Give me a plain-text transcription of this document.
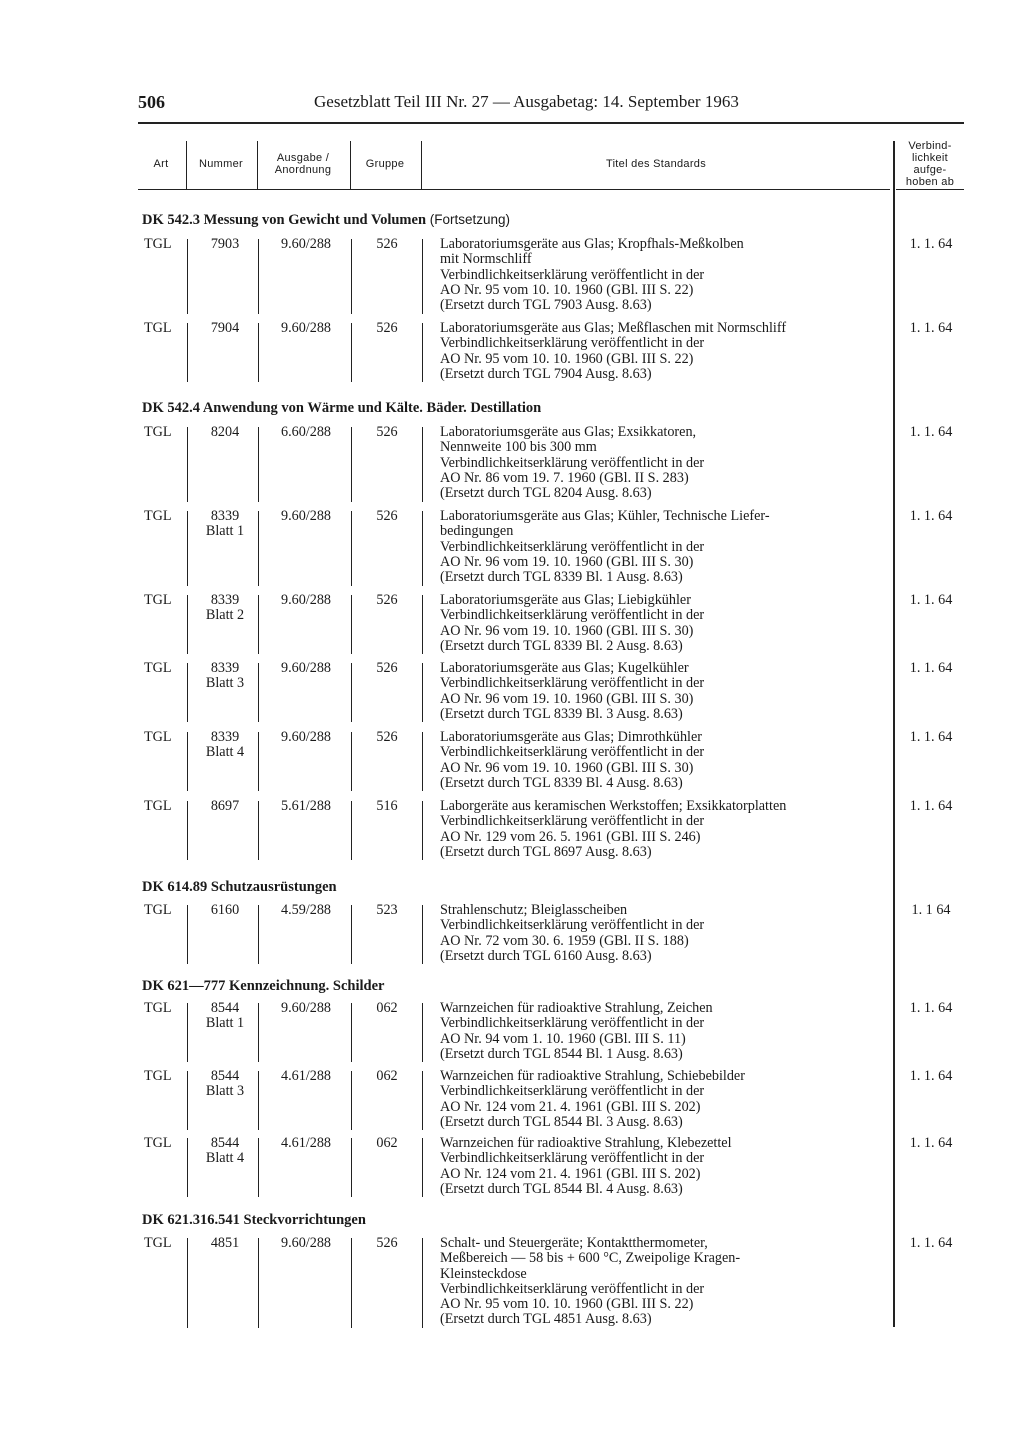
506	Gesetzblatt Teil III Nr. 27 — Ausgabetag: 14. September 1963
Art	Nummer	Ausgabe /
Anordnung	Gruppe	Titel des Standards
Verbind-
lichkeit
aufge-
hoben ab
DK 542.3 Messung von Gewicht und Volumen (Fortsetzung)
TGL	7903	9.60/288	526	Laboratoriumsgeräte aus Glas; Kropfhals-Meßkolben
mit Normschliff
Verbindlichkeitserklärung veröffentlicht in der
AO Nr. 95 vom 10. 10. 1960 (GBl. III S. 22)
(Ersetzt durch TGL 7903 Ausg. 8.63)
1. 1. 64
TGL	7904	9.60/288	526	Laboratoriumsgeräte aus Glas; Meßflaschen mit Normschliff
Verbindlichkeitserklärung veröffentlicht in der
AO Nr. 95 vom 10. 10. 1960 (GBl. III S. 22)
(Ersetzt durch TGL 7904 Ausg. 8.63)
1. 1. 64
DK 542.4 Anwendung von Wärme und Kälte. Bäder. Destillation
TGL	8204	6.60/288	526	Laboratoriumsgeräte aus Glas; Exsikkatoren,
Nennweite 100 bis 300 mm
Verbindlichkeitserklärung veröffentlicht in der
AO Nr. 86 vom 19. 7. 1960 (GBl. II S. 283)
(Ersetzt durch TGL 8204 Ausg. 8.63)
1. 1. 64
TGL	8339
Blatt 1
9.60/288	526	Laboratoriumsgeräte aus Glas; Kühler, Technische Liefer-
bedingungen
Verbindlichkeitserklärung veröffentlicht in der
AO Nr. 96 vom 19. 10. 1960 (GBl. III S. 30)
(Ersetzt durch TGL 8339 Bl. 1 Ausg. 8.63)
1. 1. 64
TGL	8339
Blatt 2
9.60/288	526	Laboratoriumsgeräte aus Glas; Liebigkühler
Verbindlichkeitserklärung veröffentlicht in der
AO Nr. 96 vom 19. 10. 1960 (GBl. III S. 30)
(Ersetzt durch TGL 8339 Bl. 2 Ausg. 8.63)
1. 1. 64
TGL	8339
Blatt 3
9.60/288	526	Laboratoriumsgeräte aus Glas; Kugelkühler
Verbindlichkeitserklärung veröffentlicht in der
AO Nr. 96 vom 19. 10. 1960 (GBl. III S. 30)
(Ersetzt durch TGL 8339 Bl. 3 Ausg. 8.63)
1. 1. 64
TGL	8339
Blatt 4
9.60/288	526	Laboratoriumsgeräte aus Glas; Dimrothkühler
Verbindlichkeitserklärung veröffentlicht in der
AO Nr. 96 vom 19. 10. 1960 (GBl. III S. 30)
(Ersetzt durch TGL 8339 Bl. 4 Ausg. 8.63)
1. 1. 64
TGL	8697	5.61/288	516	Laborgeräte aus keramischen Werkstoffen; Exsikkatorplatten
Verbindlichkeitserklärung veröffentlicht in der
AO Nr. 129 vom 26. 5. 1961 (GBl. III S. 246)
(Ersetzt durch TGL 8697 Ausg. 8.63)
1. 1. 64
DK 614.89 Schutzausrüstungen
TGL	6160	4.59/288	523	Strahlenschutz; Bleiglasscheiben
Verbindlichkeitserklärung veröffentlicht in der
AO Nr. 72 vom 30. 6. 1959 (GBl. II S. 188)
(Ersetzt durch TGL 6160 Ausg. 8.63)
1. 1 64
DK 621—777 Kennzeichnung. Schilder
TGL	8544
Blatt 1
9.60/288	062	Warnzeichen für radioaktive Strahlung, Zeichen
Verbindlichkeitserklärung veröffentlicht in der
AO Nr. 94 vom 1. 10. 1960 (GBl. III S. 11)
(Ersetzt durch TGL 8544 Bl. 1 Ausg. 8.63)
1. 1. 64
TGL	8544
Blatt 3
4.61/288	062	Warnzeichen für radioaktive Strahlung, Schiebebilder
Verbindlichkeitserklärung veröffentlicht in der
AO Nr. 124 vom 21. 4. 1961 (GBl. III S. 202)
(Ersetzt durch TGL 8544 Bl. 3 Ausg. 8.63)
1. 1. 64
TGL	8544
Blatt 4
4.61/288	062	Warnzeichen für radioaktive Strahlung, Klebezettel
Verbindlichkeitserklärung veröffentlicht in der
AO Nr. 124 vom 21. 4. 1961 (GBl. III S. 202)
(Ersetzt durch TGL 8544 Bl. 4 Ausg. 8.63)
1. 1. 64
DK 621.316.541 Steckvorrichtungen
TGL	4851	9.60/288	526	Schalt- und Steuergeräte; Kontaktthermometer,
Meßbereich — 58 bis + 600 °C, Zweipolige Kragen-
Kleinsteckdose
Verbindlichkeitserklärung veröffentlicht in der
AO Nr. 95 vom 10. 10. 1960 (GBl. III S. 22)
(Ersetzt durch TGL 4851 Ausg. 8.63)
1. 1. 64
